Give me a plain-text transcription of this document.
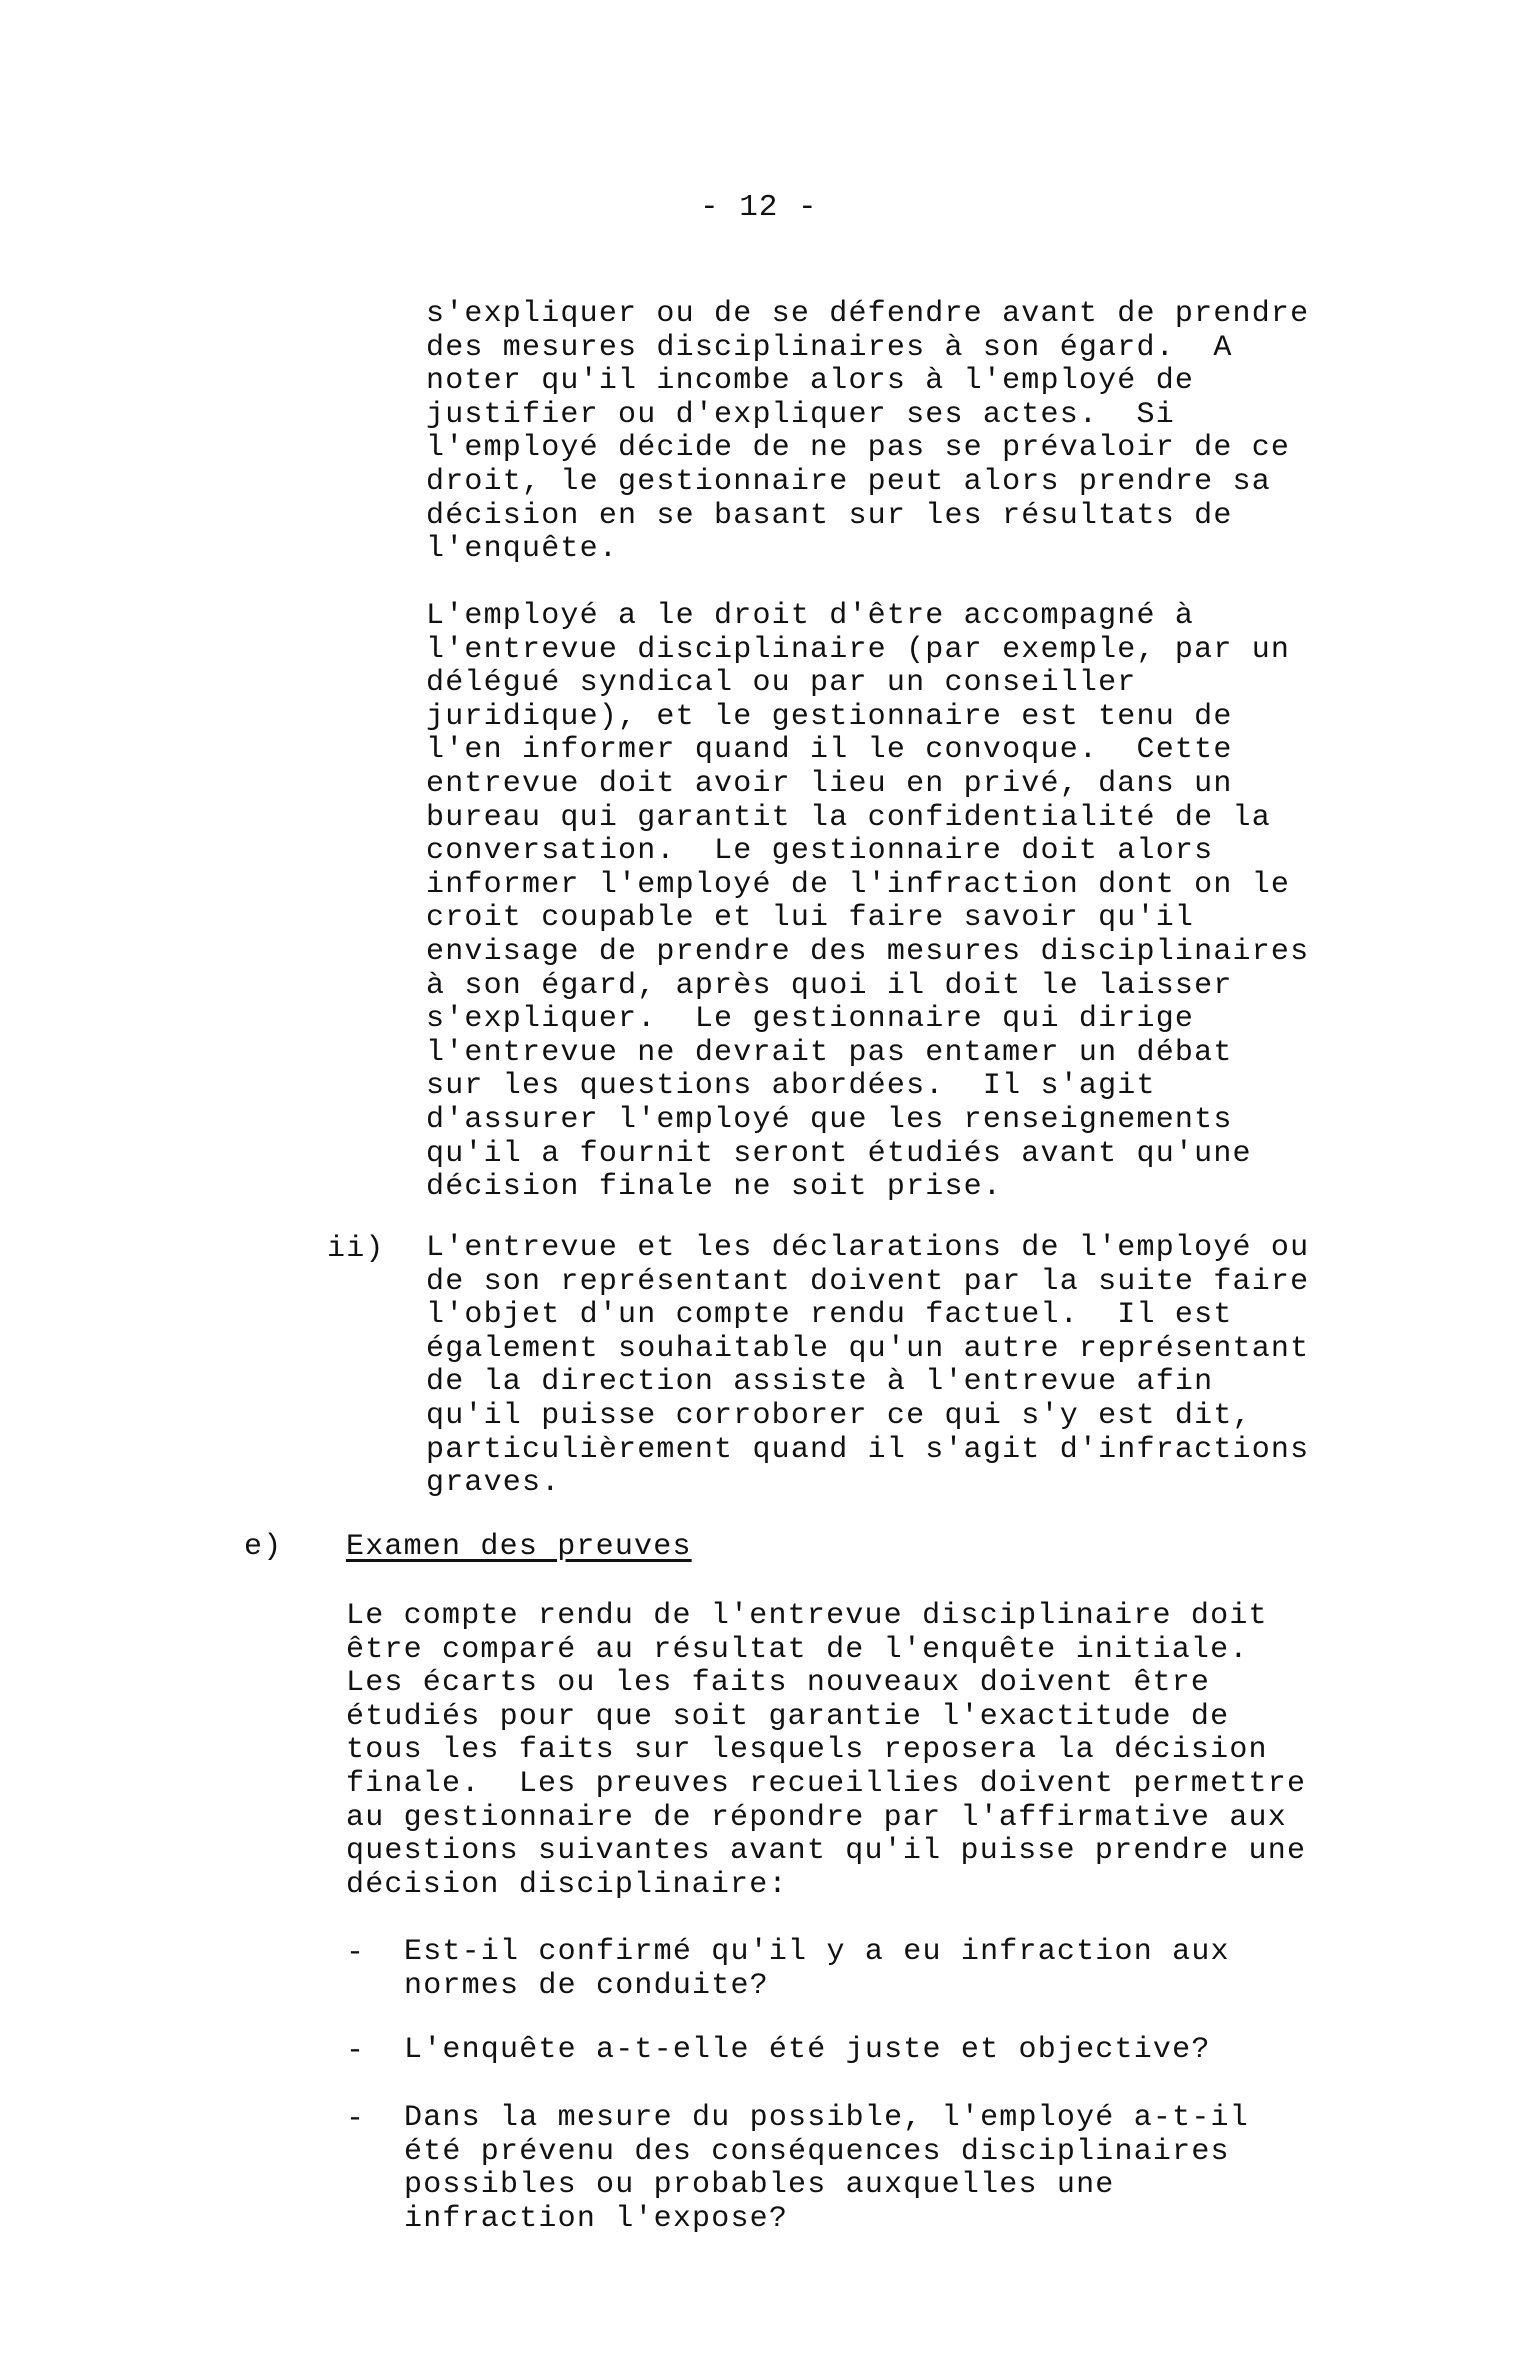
- 12 -

s'expliquer ou de se défendre avant de prendre
des mesures disciplinaires à son égard.  A
noter qu'il incombe alors à l'employé de
justifier ou d'expliquer ses actes.  Si
l'employé décide de ne pas se prévaloir de ce
droit, le gestionnaire peut alors prendre sa
décision en se basant sur les résultats de
l'enquête.

L'employé a le droit d'être accompagné à
l'entrevue disciplinaire (par exemple, par un
délégué syndical ou par un conseiller
juridique), et le gestionnaire est tenu de
l'en informer quand il le convoque.  Cette
entrevue doit avoir lieu en privé, dans un
bureau qui garantit la confidentialité de la
conversation.  Le gestionnaire doit alors
informer l'employé de l'infraction dont on le
croit coupable et lui faire savoir qu'il
envisage de prendre des mesures disciplinaires
à son égard, après quoi il doit le laisser
s'expliquer.  Le gestionnaire qui dirige
l'entrevue ne devrait pas entamer un débat
sur les questions abordées.  Il s'agit
d'assurer l'employé que les renseignements
qu'il a fournit seront étudiés avant qu'une
décision finale ne soit prise.

ii) L'entrevue et les déclarations de l'employé ou
de son représentant doivent par la suite faire
l'objet d'un compte rendu factuel.  Il est
également souhaitable qu'un autre représentant
de la direction assiste à l'entrevue afin
qu'il puisse corroborer ce qui s'y est dit,
particulièrement quand il s'agit d'infractions
graves.

e) Examen des preuves

Le compte rendu de l'entrevue disciplinaire doit
être comparé au résultat de l'enquête initiale.
Les écarts ou les faits nouveaux doivent être
étudiés pour que soit garantie l'exactitude de
tous les faits sur lesquels reposera la décision
finale.  Les preuves recueillies doivent permettre
au gestionnaire de répondre par l'affirmative aux
questions suivantes avant qu'il puisse prendre une
décision disciplinaire:

- Est-il confirmé qu'il y a eu infraction aux
normes de conduite?

- L'enquête a-t-elle été juste et objective?

- Dans la mesure du possible, l'employé a-t-il
été prévenu des conséquences disciplinaires
possibles ou probables auxquelles une
infraction l'expose?
